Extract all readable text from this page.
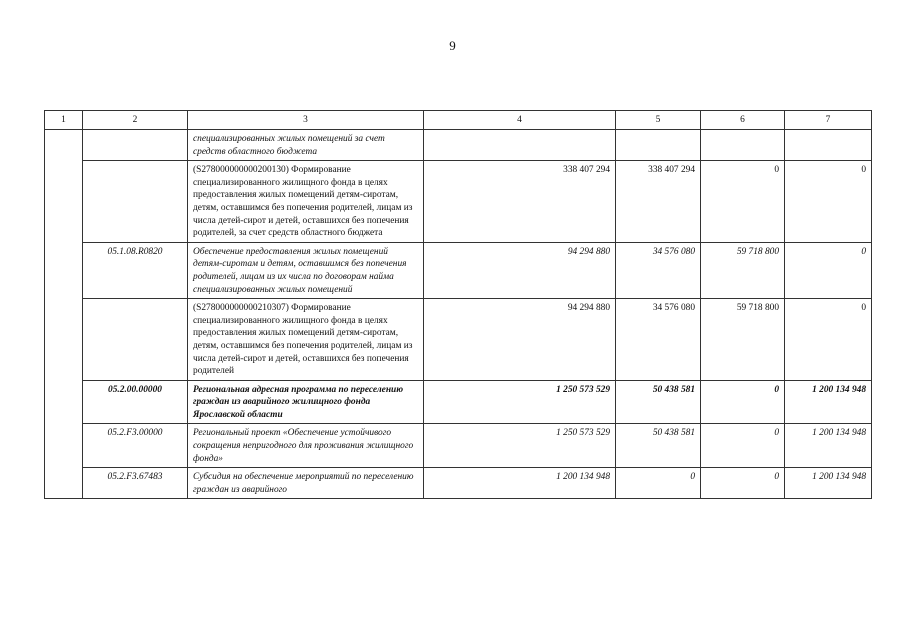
9
1	2	3	4	5	6	7
		специализированных жилых помещений за счет средств областного бюджета				
		(S278000000000200130) Формирование специализированного жилищного фонда в целях предоставления жилых помещений детям-сиротам, детям, оставшимся без попечения родителей, лицам из числа детей-сирот и детей, оставшихся без попечения родителей, за счет средств областного бюджета	338 407 294	338 407 294	0	0
	05.1.08.R0820	Обеспечение предоставления жилых помещений детям-сиротам и детям, оставшимся без попечения родителей, лицам из их числа по договорам найма специализированных жилых помещений	94 294 880	34 576 080	59 718 800	0
		(S278000000000210307) Формирование специализированного жилищного фонда в целях предоставления жилых помещений детям-сиротам, детям, оставшимся без попечения родителей, лицам из числа детей-сирот и детей, оставшихся без попечения родителей	94 294 880	34 576 080	59 718 800	0
	05.2.00.00000	Региональная адресная программа по переселению граждан из аварийного жилищного фонда Ярославской области	1 250 573 529	50 438 581	0	1 200 134 948
	05.2.F3.00000	Региональный проект «Обеспечение устойчивого сокращения непригодного для проживания жилищного фонда»	1 250 573 529	50 438 581	0	1 200 134 948
	05.2.F3.67483	Субсидия на обеспечение мероприятий по переселению граждан из аварийного	1 200 134 948	0	0	1 200 134 948
